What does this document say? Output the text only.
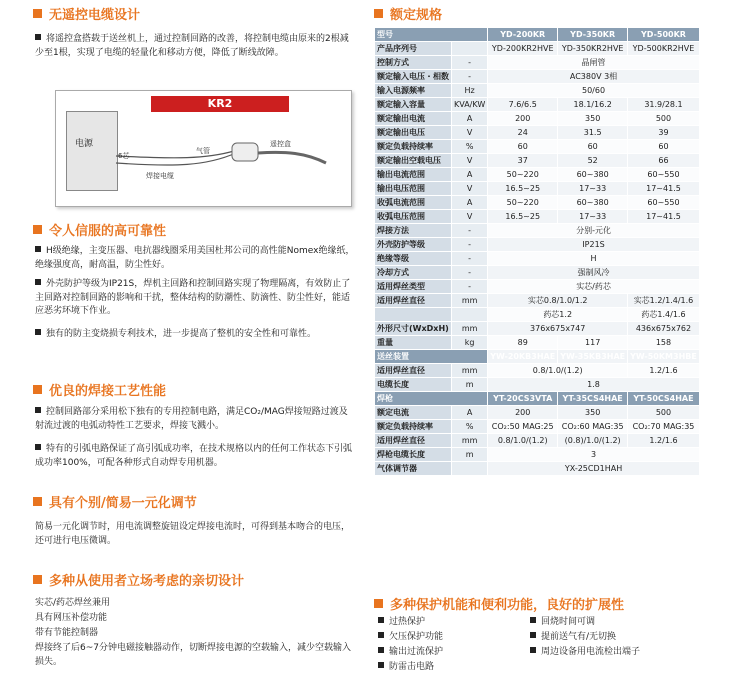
无遥控电缆设计
将遥控盒搭载于送丝机上，通过控制回路的改善，将控制电缆由原来的2根减少至1根，实现了电缆的轻量化和移动方便，降低了断线故障。
KR2
电源
气管
遥控盒
焊接电缆
6芯
令人信服的高可靠性
H级绝缘，主变压器、电抗器线圈采用美国杜邦公司的高性能Nomex绝缘纸，绝缘强度高，耐高温，防尘性好。
外壳防护等级为IP21S，焊机主回路和控制回路实现了物理隔离，有效防止了主回路对控制回路的影响和干扰，整体结构的防潮性、防滴性、防尘性好，能适应恶劣环境下作业。
独有的防主变烧损专利技术，进一步提高了整机的安全性和可靠性。
优良的焊接工艺性能
控制回路部分采用松下独有的专用控制电路，满足CO₂/MAG焊接短路过渡及射流过渡的电弧动特性工艺要求，焊接飞溅小。
特有的引弧电路保证了高引弧成功率，在技术规格以内的任何工作状态下引弧成功率100%，可配各种形式自动焊专用机器。
具有个别/简易一元化调节
简易一元化调节时，用电流调整旋钮设定焊接电流时，可得到基本吻合的电压，还可进行电压微调。
多种从使用者立场考虑的亲切设计
实芯/药芯焊丝兼用
具有网压补偿功能
带有节能控制器
焊接终了后6~7分钟电磁接触器动作，切断焊接电源的空载输入，减少空载输入损失。
额定规格
型号		YD-200KR	YD-350KR	YD-500KR
产品序列号		YD-200KR2HVE	YD-350KR2HVE	YD-500KR2HVE
控制方式	-	晶闸管		
额定输入电压・相数	-	AC380V 3相		
输入电源频率	Hz	50/60		
额定输入容量	KVA/KW	7.6/6.5	18.1/16.2	31.9/28.1
额定输出电流	A	200	350	500
额定输出电压	V	24	31.5	39
额定负载持续率	%	60	60	60
额定输出空载电压	V	37	52	66
输出电流范围	A	50~220	60~380	60~550
输出电压范围	V	16.5~25	17~33	17~41.5
收弧电流范围	A	50~220	60~380	60~550
收弧电压范围	V	16.5~25	17~33	17~41.5
焊接方法	-	分别-元化		
外壳防护等级	-	IP21S		
绝缘等级	-	H		
冷却方式	-	强制风冷		
适用焊丝类型	-	实芯/药芯		
适用焊丝直径	mm	实芯0.8/1.0/1.2		实芯1.2/1.4/1.6
		药芯1.2		药芯1.4/1.6
外形尺寸(WxDxH)	mm	376x675x747		436x675x762
重量	kg	89	117	158
送丝装置		YW-20KB3HAE	YW-35KB3HAE	YW-50KM3HBE
适用焊丝直径	mm	0.8/1.0/(1.2)		1.2/1.6
电缆长度	m	1.8		
焊枪		YT-20CS3VTA	YT-35CS4HAE	YT-50CS4HAE
额定电流	A	200	350	500
额定负载持续率	%	CO₂:50 MAG:25	CO₂:60 MAG:35	CO₂:70 MAG:35
适用焊丝直径	mm	0.8/1.0/(1.2)	(0.8)/1.0/(1.2)	1.2/1.6
焊枪电缆长度	m	3		
气体调节器		YX-25CD1HAH		
多种保护机能和便利功能，良好的扩展性
过热保护	回烧时间可调
欠压保护功能	提前送气有/无切换
输出过流保护	周边设备用电流检出端子
防雷击电路
